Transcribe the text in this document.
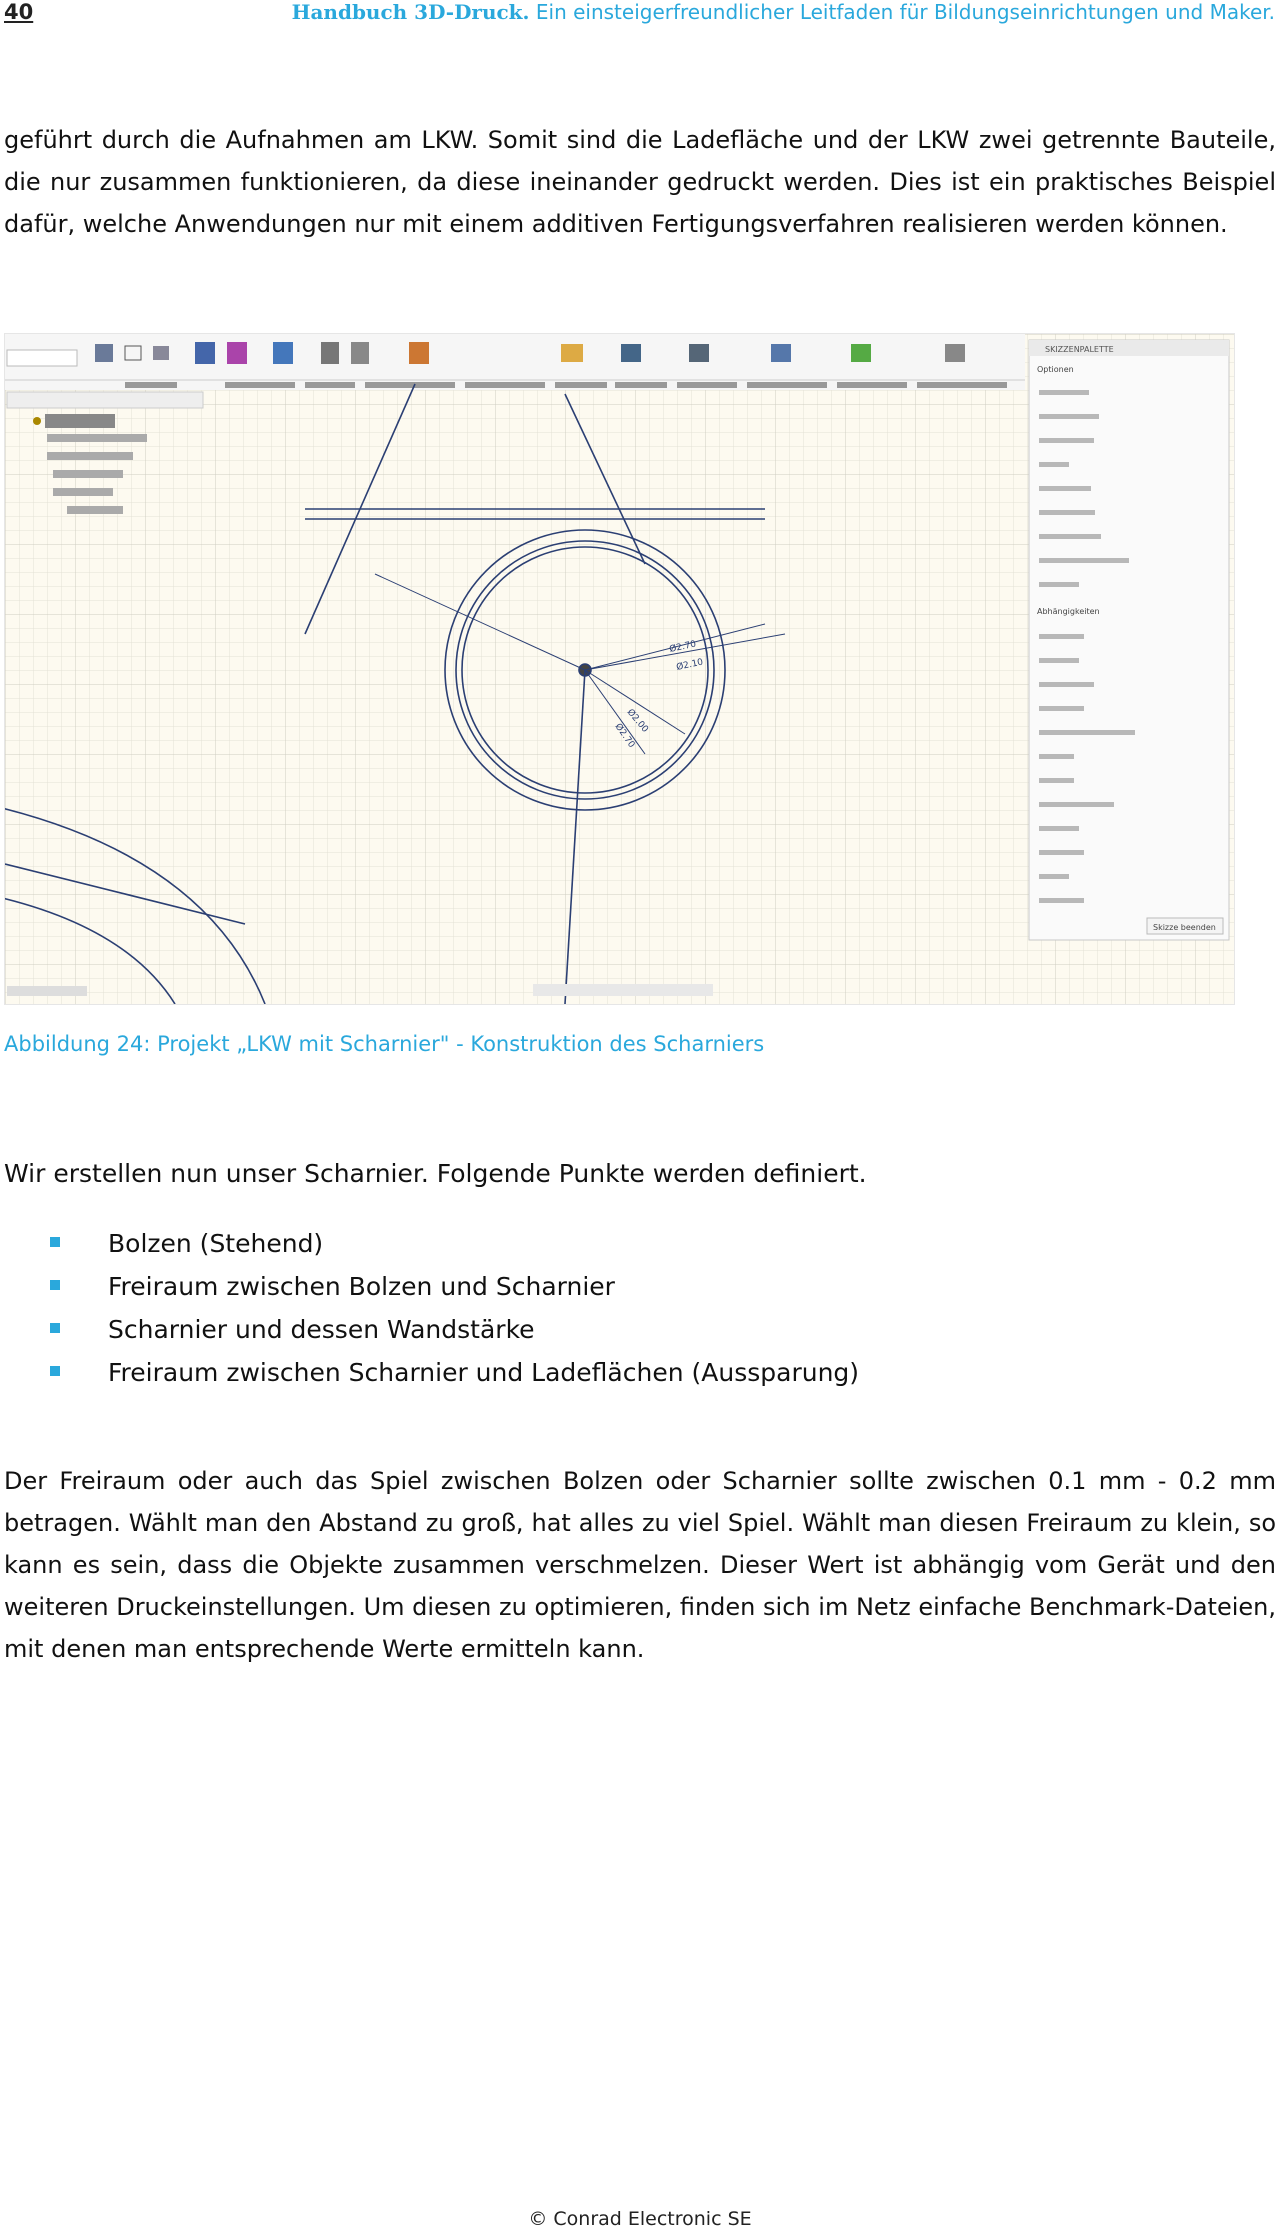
40	Handbuch 3D-Druck. Ein einsteigerfreundlicher Leitfaden für Bildungseinrichtungen und Maker.

geführt durch die Aufnahmen am LKW. Somit sind die Ladefläche und der LKW zwei getrennte Bauteile, die nur zusammen funktionieren, da diese ineinander gedruckt werden. Dies ist ein praktisches Beispiel dafür, welche Anwendungen nur mit einem additiven Fertigungsverfahren realisieren werden können.

Ø2.70
Ø2.10
Ø2.00
Ø2.70
SKIZZENPALETTE
Optionen
Abhängigkeiten
Skizze beenden
Abbildung 24: Projekt „LKW mit Scharnier" - Konstruktion des Scharniers
Wir erstellen nun unser Scharnier. Folgende Punkte werden definiert.
Bolzen (Stehend)
Freiraum zwischen Bolzen und Scharnier
Scharnier und dessen Wandstärke
Freiraum zwischen Scharnier und Ladeflächen (Aussparung)

Der Freiraum oder auch das Spiel zwischen Bolzen oder Scharnier sollte zwischen 0.1 mm - 0.2 mm betragen. Wählt man den Abstand zu groß, hat alles zu viel Spiel. Wählt man diesen Freiraum zu klein, so kann es sein, dass die Objekte zusammen verschmelzen. Dieser Wert ist abhängig vom Gerät und den weiteren Druckeinstellungen. Um diesen zu optimieren, finden sich im Netz einfache Benchmark-Dateien, mit denen man entsprechende Werte ermitteln kann.

© Conrad Electronic SE
